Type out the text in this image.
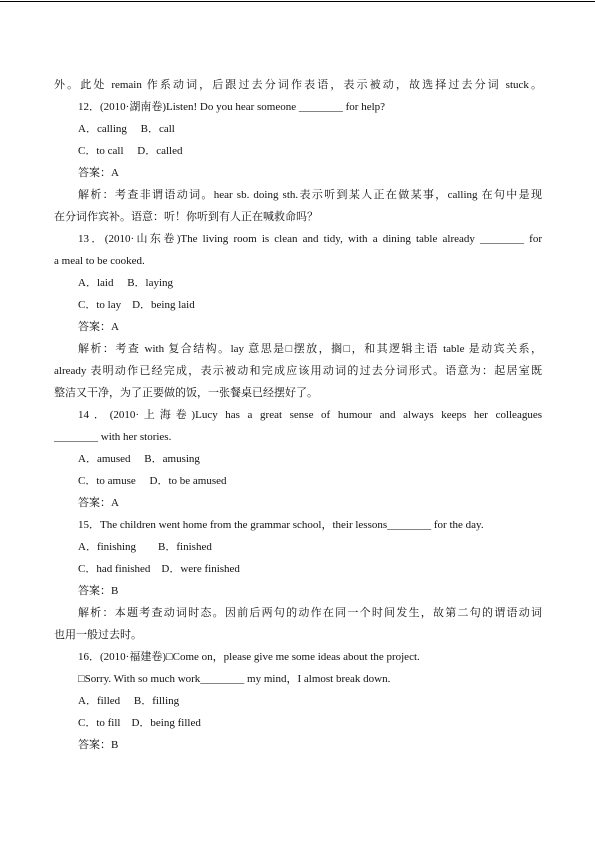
外。此处 remain 作系动词，后跟过去分词作表语，表示被动，故选择过去分词 stuck。
12．(2010·湖南卷)Listen! Do you hear someone ________ for help?
A．calling　 B．call
C．to call　 D．called
答案：A
解析：考查非谓语动词。hear sb. doing sth.表示听到某人正在做某事，calling 在句中是现
在分词作宾补。语意：听！你听到有人正在喊救命吗？
13．(2010·山东卷)The living room is clean and tidy, with a dining table already ________ for
a meal to be cooked.
A．laid　 B．laying
C．to lay　D．being laid
答案：A
解析：考查 with 复合结构。lay 意思是□摆放，搁□，和其逻辑主语 table 是动宾关系，
already 表明动作已经完成，表示被动和完成应该用动词的过去分词形式。语意为：起居室既
整洁又干净，为了正要做的饭，一张餐桌已经摆好了。
14．(2010·上海卷)Lucy has a great sense of humour and always keeps her colleagues
________ with her stories.
A．amused　 B．amusing
C．to amuse　 D．to be amused
答案：A
15．The children went home from the grammar school，their lessons________ for the day.
A．finishing　　B．finished
C．had finished　D．were finished
答案：B
解析：本题考查动词时态。因前后两句的动作在同一个时间发生，故第二句的谓语动词
也用一般过去时。
16．(2010·福建卷)□Come on，please give me some ideas about the project.
□Sorry. With so much work________ my mind，I almost break down.
A．filled　 B．filling
C．to fill　D．being filled
答案：B
